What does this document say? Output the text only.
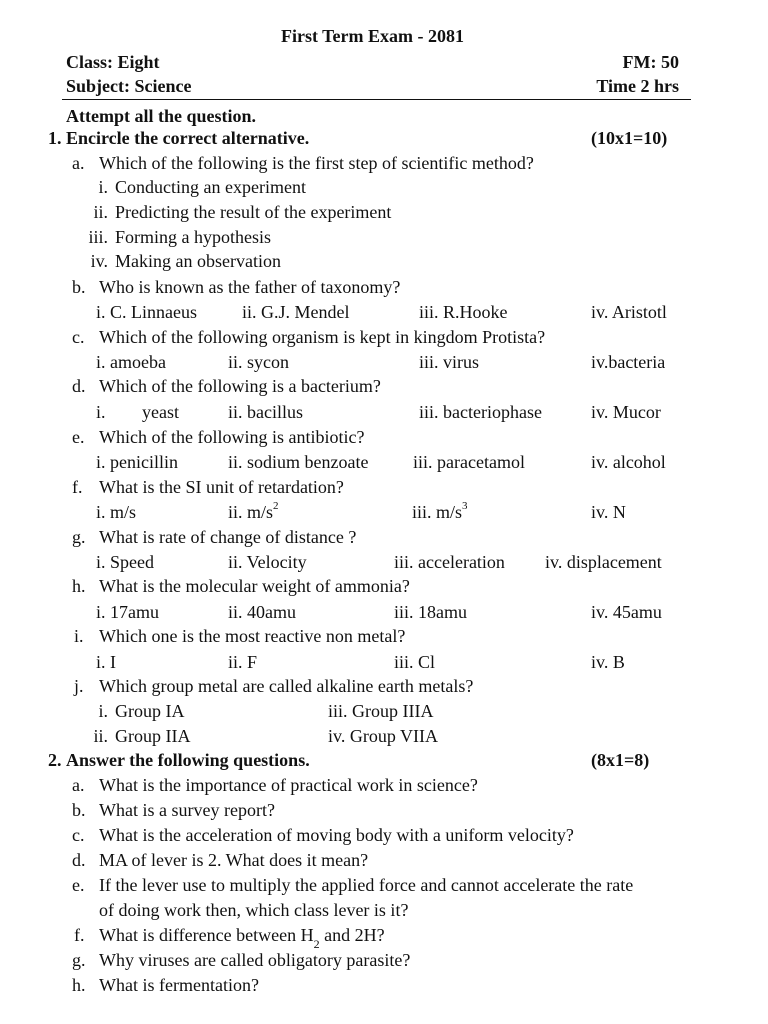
First Term Exam - 2081
Class: Eight	FM: 50
Subject: Science	Time 2 hrs
Attempt all the question.
1. Encircle the correct alternative.	(10x1=10)
a. Which of the following is the first step of scientific method?
i. Conducting an experiment
ii. Predicting the result of the experiment
iii. Forming a hypothesis
iv. Making an observation
b. Who is known as the father of taxonomy?
i. C. Linnaeus	ii. G.J. Mendel	iii. R.Hooke	iv. Aristotl
c. Which of the following organism is kept in kingdom Protista?
i. amoeba	ii. sycon	iii. virus	iv.bacteria
d. Which of the following is a bacterium?
i. yeast	ii. bacillus	iii. bacteriophase	iv. Mucor
e. Which of the following is antibiotic?
i. penicillin	ii. sodium benzoate iii. paracetamol	iv. alcohol
f. What is the SI unit of retardation?
i. m/s	ii. $m/s^2$	iii. $m/s^3$	iv. N
g. What is rate of change of distance ?
i. Speed	ii. Velocity	iii. acceleration iv. displacement
h. What is the molecular weight of ammonia?
i. 17amu	ii. 40amu	iii. 18amu	iv. 45amu
i. Which one is the most reactive non metal?
i. I	ii. F	iii. Cl	iv. B
j. Which group metal are called alkaline earth metals?
i. Group IA	iii. Group IIIA
ii. Group IIA	iv. Group VIIA
2. Answer the following questions.	(8x1=8)
a. What is the importance of practical work in science?
b. What is a survey report?
c. What is the acceleration of moving body with a uniform velocity?
d. MA of lever is 2. What does it mean?
e. If the lever use to multiply the applied force and cannot accelerate the rate
of doing work then, which class lever is it?
f. What is difference between $H_2$ and 2H?
g. Why viruses are called obligatory parasite?
h. What is fermentation?
